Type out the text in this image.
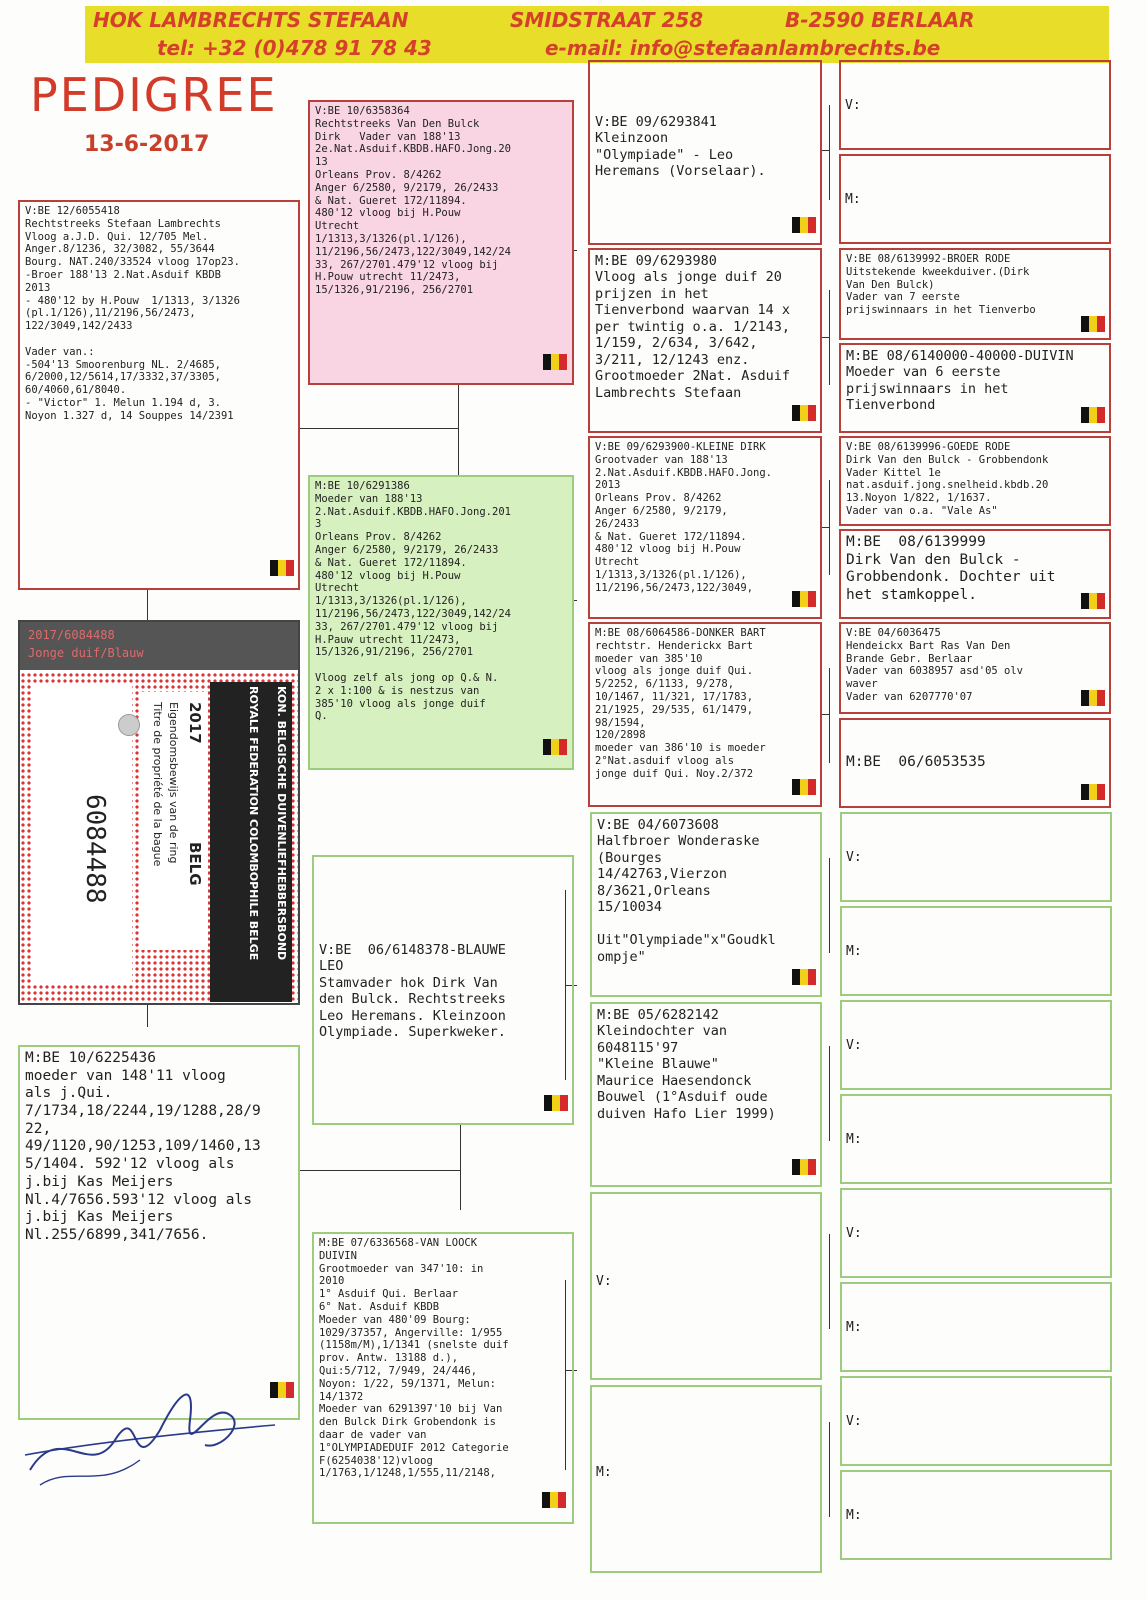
HOK LAMBRECHTS STEFAAN	SMIDSTRAAT 258	B-2590 BERLAAR
tel: +32 (0)478 91 78 43	e-mail: info@stefaanlambrechts.be
PEDIGREE
13-6-2017
V:BE 12/6055418
Rechtstreeks Stefaan Lambrechts
Vloog a.J.D. Qui. 12/705 Mel.
Anger.8/1236, 32/3082, 55/3644
Bourg. NAT.240/33524 vloog 17op23.
-Broer 188'13 2.Nat.Asduif KBDB
2013
- 480'12 by H.Pouw  1/1313, 3/1326
(pl.1/126),11/2196,56/2473,
122/3049,142/2433

Vader van.:
-504'13 Smoorenburg NL. 2/4685,
6/2000,12/5614,17/3332,37/3305,
60/4060,61/8040.
- "Victor" 1. Melun 1.194 d, 3.
Noyon 1.327 d, 14 Souppes 14/2391

M:BE 10/6225436
moeder van 148'11 vloog
als j.Qui.
7/1734,18/2244,19/1288,28/9
22,
49/1120,90/1253,109/1460,13
5/1404. 592'12 vloog als
j.bij Kas Meijers
Nl.4/7656.593'12 vloog als
j.bij Kas Meijers
Nl.255/6899,341/7656.

V:BE 10/6358364
Rechtstreeks Van Den Bulck
Dirk   Vader van 188'13
2e.Nat.Asduif.KBDB.HAFO.Jong.20
13
Orleans Prov. 8/4262
Anger 6/2580, 9/2179, 26/2433
& Nat. Gueret 172/11894.
480'12 vloog bij H.Pouw
Utrecht
1/1313,3/1326(pl.1/126),
11/2196,56/2473,122/3049,142/24
33, 267/2701.479'12 vloog bij
H.Pouw utrecht 11/2473,
15/1326,91/2196, 256/2701

M:BE 10/6291386
Moeder van 188'13
2.Nat.Asduif.KBDB.HAFO.Jong.201
3
Orleans Prov. 8/4262
Anger 6/2580, 9/2179, 26/2433
& Nat. Gueret 172/11894.
480'12 vloog bij H.Pouw
Utrecht
1/1313,3/1326(pl.1/126),
11/2196,56/2473,122/3049,142/24
33, 267/2701.479'12 vloog bij
H.Pauw utrecht 11/2473,
15/1326,91/2196, 256/2701

Vloog zelf als jong op Q.& N.
2 x 1:100 & is nestzus van
385'10 vloog als jonge duif
Q.

V:BE  06/6148378-BLAUWE
LEO
Stamvader hok Dirk Van
den Bulck. Rechtstreeks
Leo Heremans. Kleinzoon
Olympiade. Superkweker.

M:BE 07/6336568-VAN LOOCK
DUIVIN
Grootmoeder van 347'10: in
2010
1° Asduif Qui. Berlaar
6° Nat. Asduif KBDB
Moeder van 480'09 Bourg:
1029/37357, Angerville: 1/955
(1158m/M),1/1341 (snelste duif
prov. Antw. 13188 d.),
Qui:5/712, 7/949, 24/446,
Noyon: 1/22, 59/1371, Melun:
14/1372
Moeder van 6291397'10 bij Van
den Bulck Dirk Grobendonk is
daar de vader van
1°OLYMPIADEDUIF 2012 Categorie
F(6254038'12)vloog
1/1763,1/1248,1/555,11/2148,

V:BE 09/6293841
Kleinzoon
"Olympiade" - Leo
Heremans (Vorselaar).

M:BE 09/6293980
Vloog als jonge duif 20
prijzen in het
Tienverbond waarvan 14 x
per twintig o.a. 1/2143,
1/159, 2/634, 3/642,
3/211, 12/1243 enz.
Grootmoeder 2Nat. Asduif
Lambrechts Stefaan

V:BE 09/6293900-KLEINE DIRK
Grootvader van 188'13
2.Nat.Asduif.KBDB.HAFO.Jong.
2013
Orleans Prov. 8/4262
Anger 6/2580, 9/2179,
26/2433
& Nat. Gueret 172/11894.
480'12 vloog bij H.Pouw
Utrecht
1/1313,3/1326(pl.1/126),
11/2196,56/2473,122/3049,

M:BE 08/6064586-DONKER BART
rechtstr. Henderickx Bart
moeder van 385'10
vloog als jonge duif Qui.
5/2252, 6/1133, 9/278,
10/1467, 11/321, 17/1783,
21/1925, 29/535, 61/1479,
98/1594,
120/2898
moeder van 386'10 is moeder
2°Nat.asduif vloog als
jonge duif Qui. Noy.2/372

V:BE 04/6073608
Halfbroer Wonderaske
(Bourges
14/42763,Vierzon
8/3621,Orleans
15/10034

Uit"Olympiade"x"Goudkl
ompje"

M:BE 05/6282142
Kleindochter van
6048115'97
"Kleine Blauwe"
Maurice Haesendonck
Bouwel (1°Asduif oude
duiven Hafo Lier 1999)

V:

M:

V:

M:

V:BE 08/6139992-BROER RODE
Uitstekende kweekduiver.(Dirk
Van Den Bulck)
Vader van 7 eerste
prijswinnaars in het Tienverbo

M:BE 08/6140000-40000-DUIVIN
Moeder van 6 eerste
prijswinnaars in het
Tienverbond

V:BE 08/6139996-GOEDE RODE
Dirk Van den Bulck - Grobbendonk
Vader Kittel 1e
nat.asduif.jong.snelheid.kbdb.20
13.Noyon 1/822, 1/1637.
Vader van o.a. "Vale As"
M:BE  08/6139999
Dirk Van den Bulck -
Grobbendonk. Dochter uit
het stamkoppel.

V:BE 04/6036475
Hendeickx Bart Ras Van Den
Brande Gebr. Berlaar
Vader van 6038957 asd'05 olv
waver
Vader van 6207770'07

M:BE  06/6053535

V:
M:
V:
M:
V:
M:
V:
M:
2017/6084488
Jonge duif/Blauw
6084488
2017
BELG
Eigendomsbewijs van de ring
Titre de propriété de la bague	KON. BELGISCHE DUIVENLIEFHEBBERSBOND
ROYALE FEDERATION COLOMBOPHILE BELGE
